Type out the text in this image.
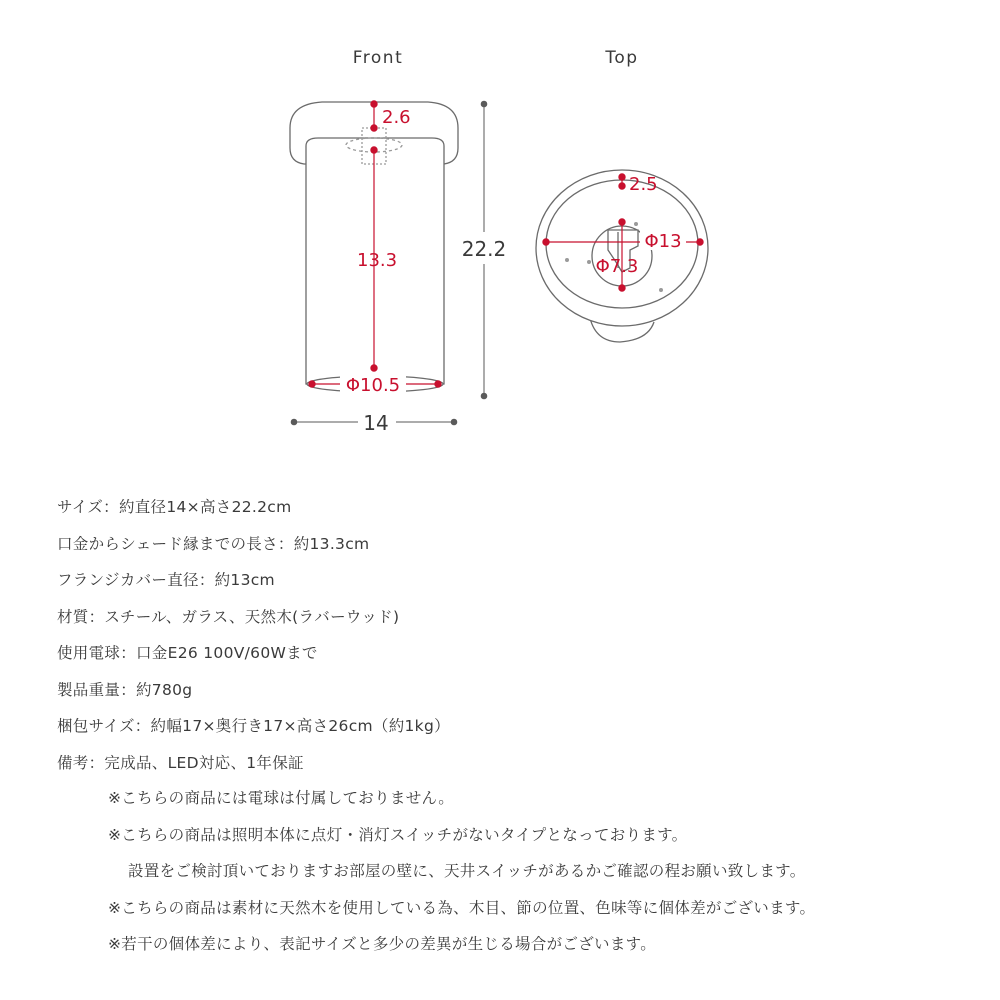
Front	Top
2.6
13.3
Φ10.5
22.2
14
2.5
Φ13
Φ7.3
サイズ：約直径14×高さ22.2cm
口金からシェード縁までの長さ：約13.3cm
フランジカバー直径：約13cm
材質：スチール、ガラス、天然木(ラバーウッド)
使用電球：口金E26 100V/60Wまで
製品重量：約780g
梱包サイズ：約幅17×奥行き17×高さ26cm（約1kg）
備考：完成品、LED対応、1年保証
※こちらの商品には電球は付属しておりません。
※こちらの商品は照明本体に点灯・消灯スイッチがないタイプとなっております。
設置をご検討頂いておりますお部屋の壁に、天井スイッチがあるかご確認の程お願い致します。
※こちらの商品は素材に天然木を使用している為、木目、節の位置、色味等に個体差がございます。
※若干の個体差により、表記サイズと多少の差異が生じる場合がございます。
